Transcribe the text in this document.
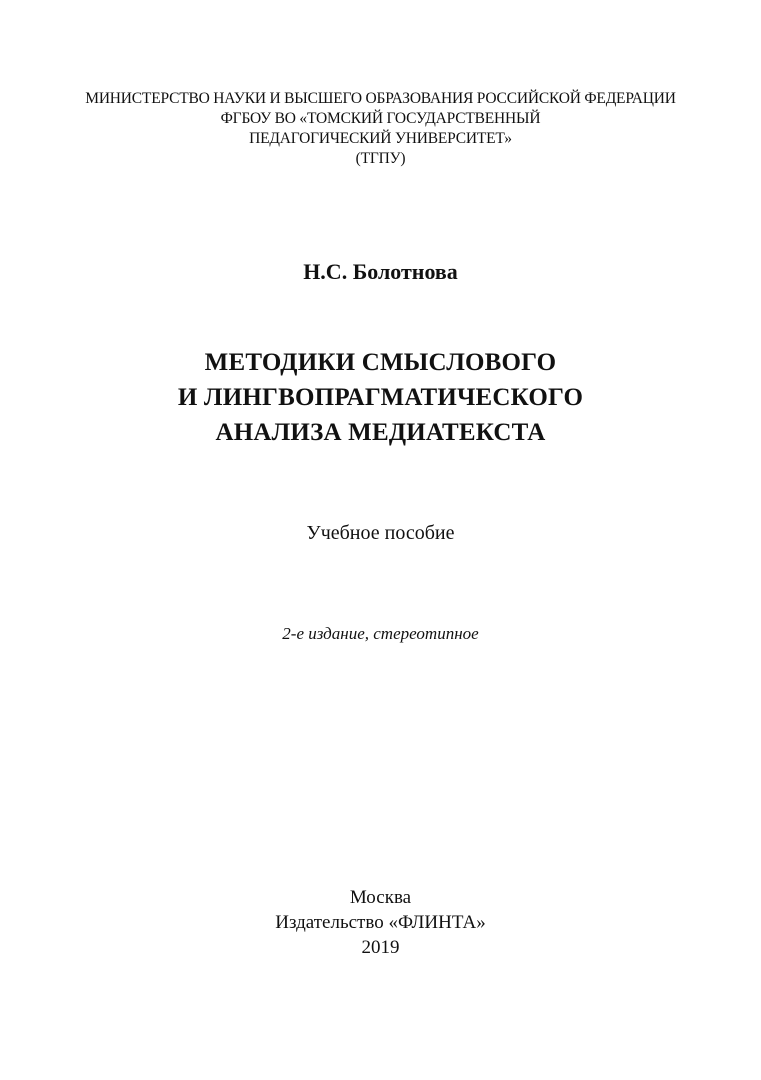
МИНИСТЕРСТВО НАУКИ И ВЫСШЕГО ОБРАЗОВАНИЯ РОССИЙСКОЙ ФЕДЕРАЦИИ
ФГБОУ ВО «ТОМСКИЙ ГОСУДАРСТВЕННЫЙ
ПЕДАГОГИЧЕСКИЙ УНИВЕРСИТЕТ»
(ТГПУ)
Н.С. Болотнова
МЕТОДИКИ СМЫСЛОВОГО
И ЛИНГВОПРАГМАТИЧЕСКОГО
АНАЛИЗА МЕДИАТЕКСТА
Учебное пособие
2-е издание, стереотипное
Москва
Издательство «ФЛИНТА»
2019
